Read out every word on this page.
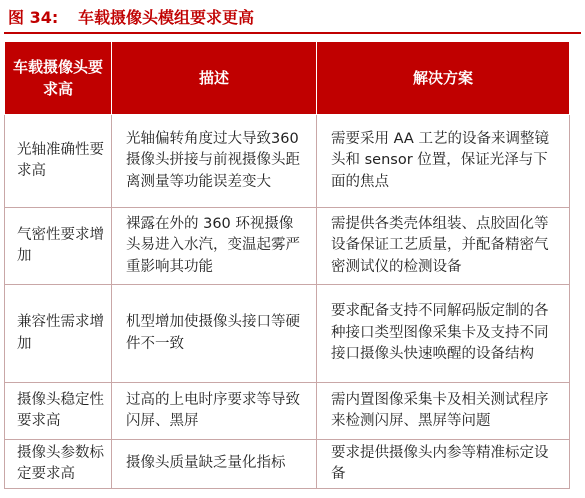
图 34: 车载摄像头模组要求更高
车载摄像头要求高	描述	解决方案
光轴准确性要求高	光轴偏转角度过大导致360摄像头拼接与前视摄像头距离测量等功能误差变大	需要采用 AA 工艺的设备来调整镜头和 sensor 位置，保证光泽与下面的焦点
气密性要求增加	裸露在外的 360 环视摄像头易进入水汽，变温起雾严重影响其功能	需提供各类壳体组装、点胶固化等设备保证工艺质量，并配备精密气密测试仪的检测设备
兼容性需求增加	机型增加使摄像头接口等硬件不一致	要求配备支持不同解码版定制的各种接口类型图像采集卡及支持不同接口摄像头快速唤醒的设备结构
摄像头稳定性要求高	过高的上电时序要求等导致闪屏、黑屏	需内置图像采集卡及相关测试程序来检测闪屏、黑屏等问题
摄像头参数标定要求高	摄像头质量缺乏量化指标	要求提供摄像头内参等精准标定设备
